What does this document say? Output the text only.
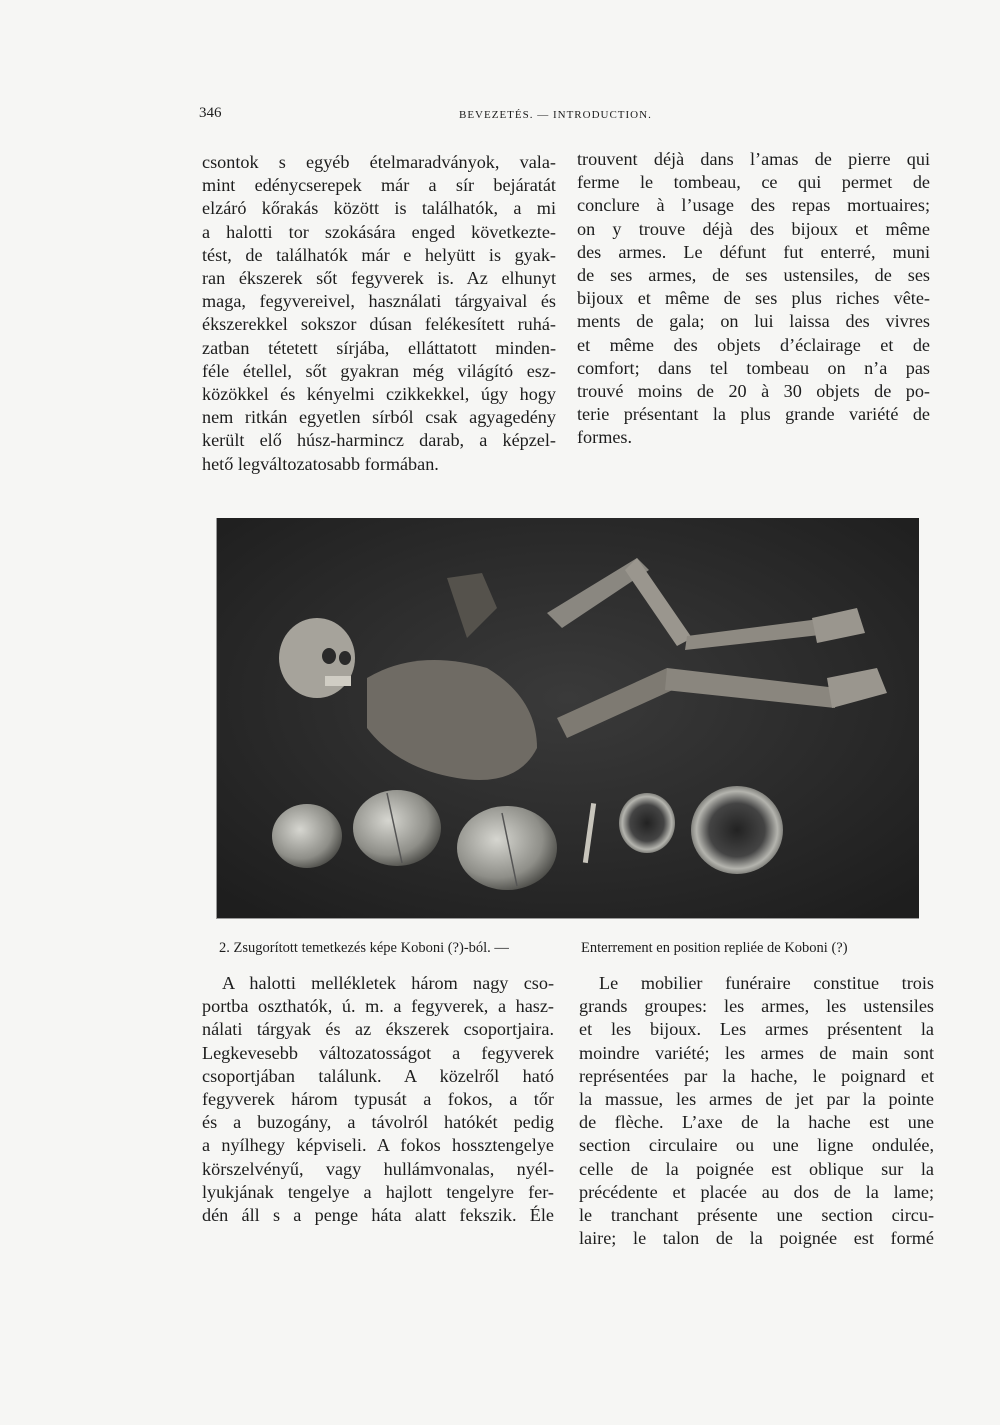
346	BEVEZETÉS. — INTRODUCTION.
csontok s egyéb ételmaradványok, vala-
mint edénycserepek már a sír bejáratát
elzáró kőrakás között is találhatók, a mi
a halotti tor szokására enged következte-
tést, de találhatók már e helyütt is gyak-
ran ékszerek sőt fegyverek is. Az elhunyt
maga, fegyvereivel, használati tárgyaival és
ékszerekkel sokszor dúsan felékesített ruhá-
zatban tétetett sírjába, elláttatott minden-
féle étellel, sőt gyakran még világító esz-
közökkel és kényelmi czikkekkel, úgy hogy
nem ritkán egyetlen sírból csak agyagedény
került elő húsz-harmincz darab, a képzel-
hető legváltozatosabb formában.
trouvent déjà dans l’amas de pierre qui
ferme le tombeau, ce qui permet de
conclure à l’usage des repas mortuaires;
on y trouve déjà des bijoux et même
des armes. Le défunt fut enterré, muni
de ses armes, de ses ustensiles, de ses
bijoux et même de ses plus riches vête-
ments de gala; on lui laissa des vivres
et même des objets d’éclairage et de
comfort; dans tel tombeau on n’a pas
trouvé moins de 20 à 30 objets de po-
terie présentant la plus grande variété de
formes.
2. Zsugorított temetkezés képe Koboni (?)-ból. —	Enterrement en position repliée de Koboni (?)
A halotti mellékletek három nagy cso-
portba oszthatók, ú. m. a fegyverek, a hasz-
nálati tárgyak és az ékszerek csoportjaira.
Legkevesebb változatosságot a fegyverek
csoportjában találunk. A közelről ható
fegyverek három typusát a fokos, a tőr
és a buzogány, a távolról hatókét pedig
a nyílhegy képviseli. A fokos hossztengelye
körszelvényű, vagy hullámvonalas, nyél-
lyukjának tengelye a hajlott tengelyre fer-
dén áll s a penge háta alatt fekszik. Éle
Le mobilier funéraire constitue trois
grands groupes: les armes, les ustensiles
et les bijoux. Les armes présentent la
moindre variété; les armes de main sont
représentées par la hache, le poignard et
la massue, les armes de jet par la pointe
de flèche. L’axe de la hache est une
section circulaire ou une ligne ondulée,
celle de la poignée est oblique sur la
précédente et placée au dos de la lame;
le tranchant présente une section circu-
laire; le talon de la poignée est formé
